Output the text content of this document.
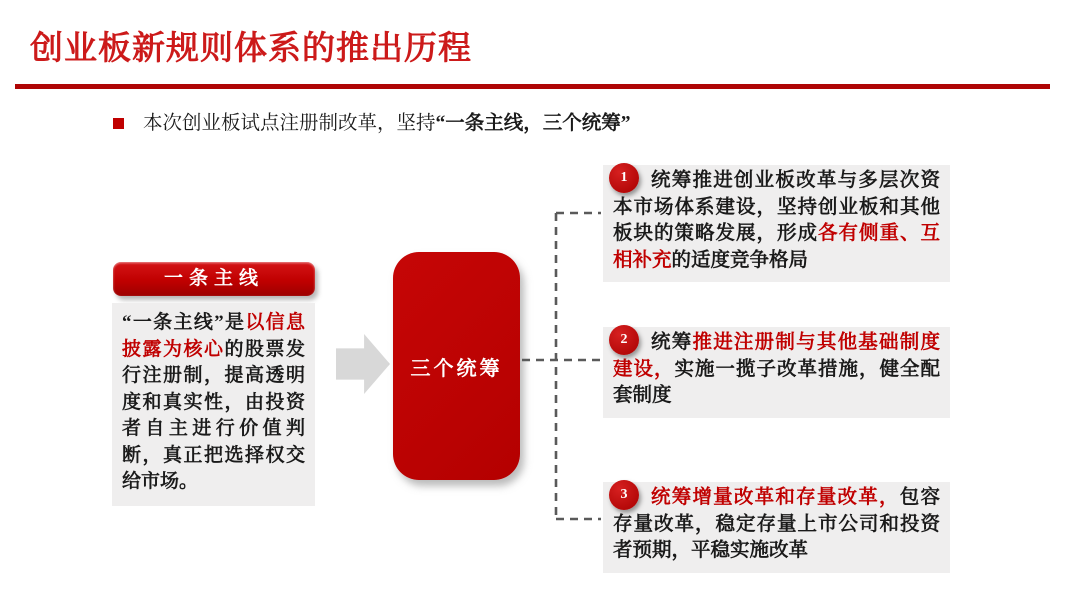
创业板新规则体系的推出历程

本次创业板试点注册制改革，坚持“一条主线，三个统筹”

一条主线
“一条主线”是以信息披露为核心的股票发行注册制，提高透明度和真实性，由投资者自主进行价值判断，真正把选择权交给市场。
三个统筹
1	统筹推进创业板改革与多层次资本市场体系建设，坚持创业板和其他板块的策略发展，形成各有侧重、互相补充的适度竞争格局

2	统筹推进注册制与其他基础制度建设，实施一揽子改革措施，健全配套制度

3	统筹增量改革和存量改革，包容存量改革，稳定存量上市公司和投资者预期，平稳实施改革
